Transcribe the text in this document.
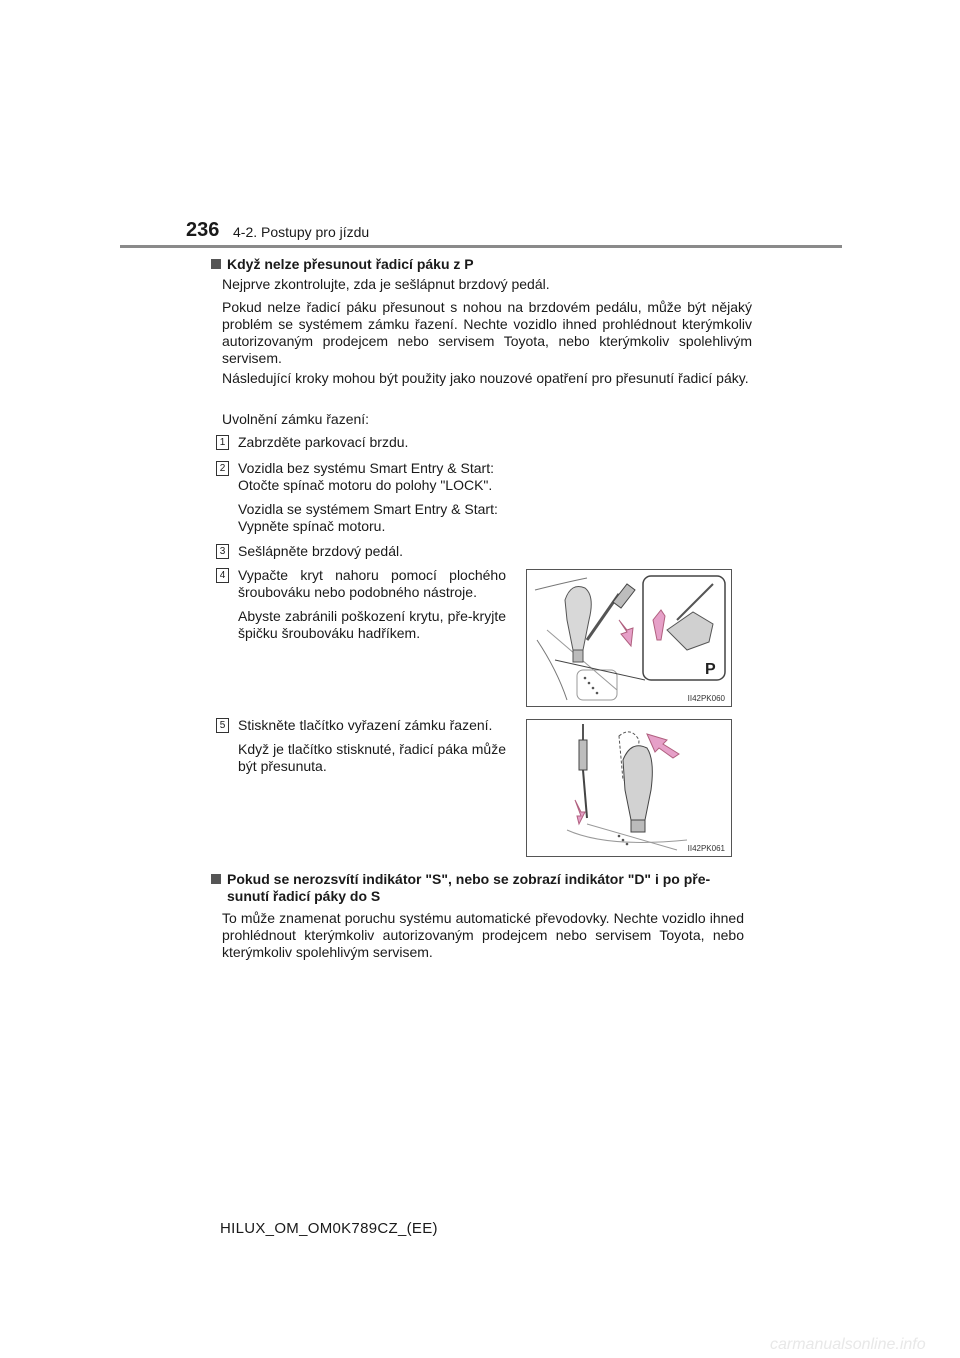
236 4-2. Postupy pro jízdu
Když nelze přesunout řadicí páku z P

Nejprve zkontrolujte, zda je sešlápnut brzdový pedál.

Pokud nelze řadicí páku přesunout s nohou na brzdovém pedálu, může být nějaký problém se systémem zámku řazení. Nechte vozidlo ihned prohlédnout kterýmkoliv autorizovaným prodejcem nebo servisem Toyota, nebo kterýmkoliv spolehlivým servisem.

Následující kroky mohou být použity jako nouzové opatření pro přesunutí řadicí páky.

Uvolnění zámku řazení:

1 Zabrzděte parkovací brzdu.

2 Vozidla bez systému Smart Entry & Start: Otočte spínač motoru do polohy "LOCK".

Vozidla se systémem Smart Entry & Start: Vypněte spínač motoru.

3 Sešlápněte brzdový pedál.

4 Vypačte kryt nahoru pomocí plochého šroubováku nebo podobného nástroje.

Abyste zabránili poškození krytu, pře-kryjte špičku šroubováku hadříkem.

P
II42PK060
5 Stiskněte tlačítko vyřazení zámku řazení.

Když je tlačítko stisknuté, řadicí páka může být přesunuta.

II42PK061
Pokud se nerozsvítí indikátor "S", nebo se zobrazí indikátor "D" i po pře-
sunutí řadicí páky do S

To může znamenat poruchu systému automatické převodovky. Nechte vozidlo ihned prohlédnout kterýmkoliv autorizovaným prodejcem nebo servisem Toyota, nebo kterýmkoliv spolehlivým servisem.

HILUX_OM_OM0K789CZ_(EE)
carmanualsonline.info
